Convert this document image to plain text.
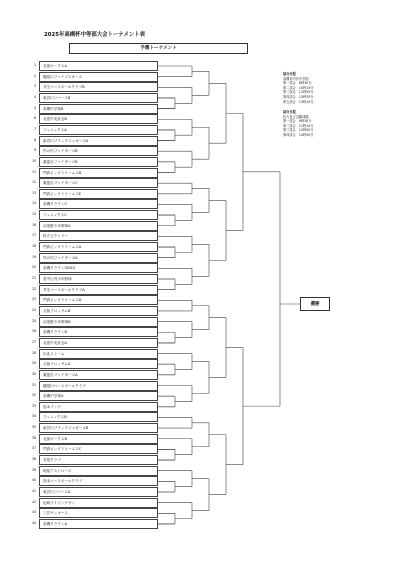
2025年高槻杯中等部大会トーナメント表
予選トーナメント
1	北部ホークスA
2	樋屋川ファイブスターズ
3	芥生ベースボールクラブB
4	奥宮川リバースB
5	高槻中学校B
6	北豊中友好会B
7	フェニックスA
8	新宮川ブラックジャガーズA
9	竹の内ファイターズB
10	栗菱台ファイターズB
11	門真ビッグドリームスB
12	栗菱台ファイターズC
13	門真ビッグドリームスE
14	高槻クラウンC
15	フェニックスC
16	羽曳野少年野球A
17	枚方ビクトリー
18	門真ビッグドリームスA
19	竹の内ファイターズA
20	高槻クラウンGIRLS
21	豊中広内少年野球
22	芥生ベースボールクラブA
23	門真ビッグドリームスD
24	大阪ブロッサムB
25	羽曳野少年野球B
26	高槻クラウンB
27	北豊中友好会A
28	川北ストーム
29	大阪ブロッサムA
30	栗菱台ファイターズA
31	樋屋川ベースボールクラブ
32	高槻中学校A
33	島本イング
34	フェニックスB
35	新宮川ブラックジャガーズB
36	北部ホークスB
37	門真ビッグドリームスC
38	長尾クラブ
39	明星アスナローズ
40	島本ベースボールクラブ
41	奥宮川リバースA
42	尼崎ライジングサン
43	三井ヤンキース
44	高槻クラウンA
優勝
試合日程
高槻市内各中学校
第一試合　8時30分
第二試合　10時15分
第三試合　11時55分
第四試合　13時35分
第五試合　15時10分
試合日程
枚方及び近隣球場
第一試合　9時30分
第二試合　11時10分
第三試合　12時50分
第四試合　14時30分
